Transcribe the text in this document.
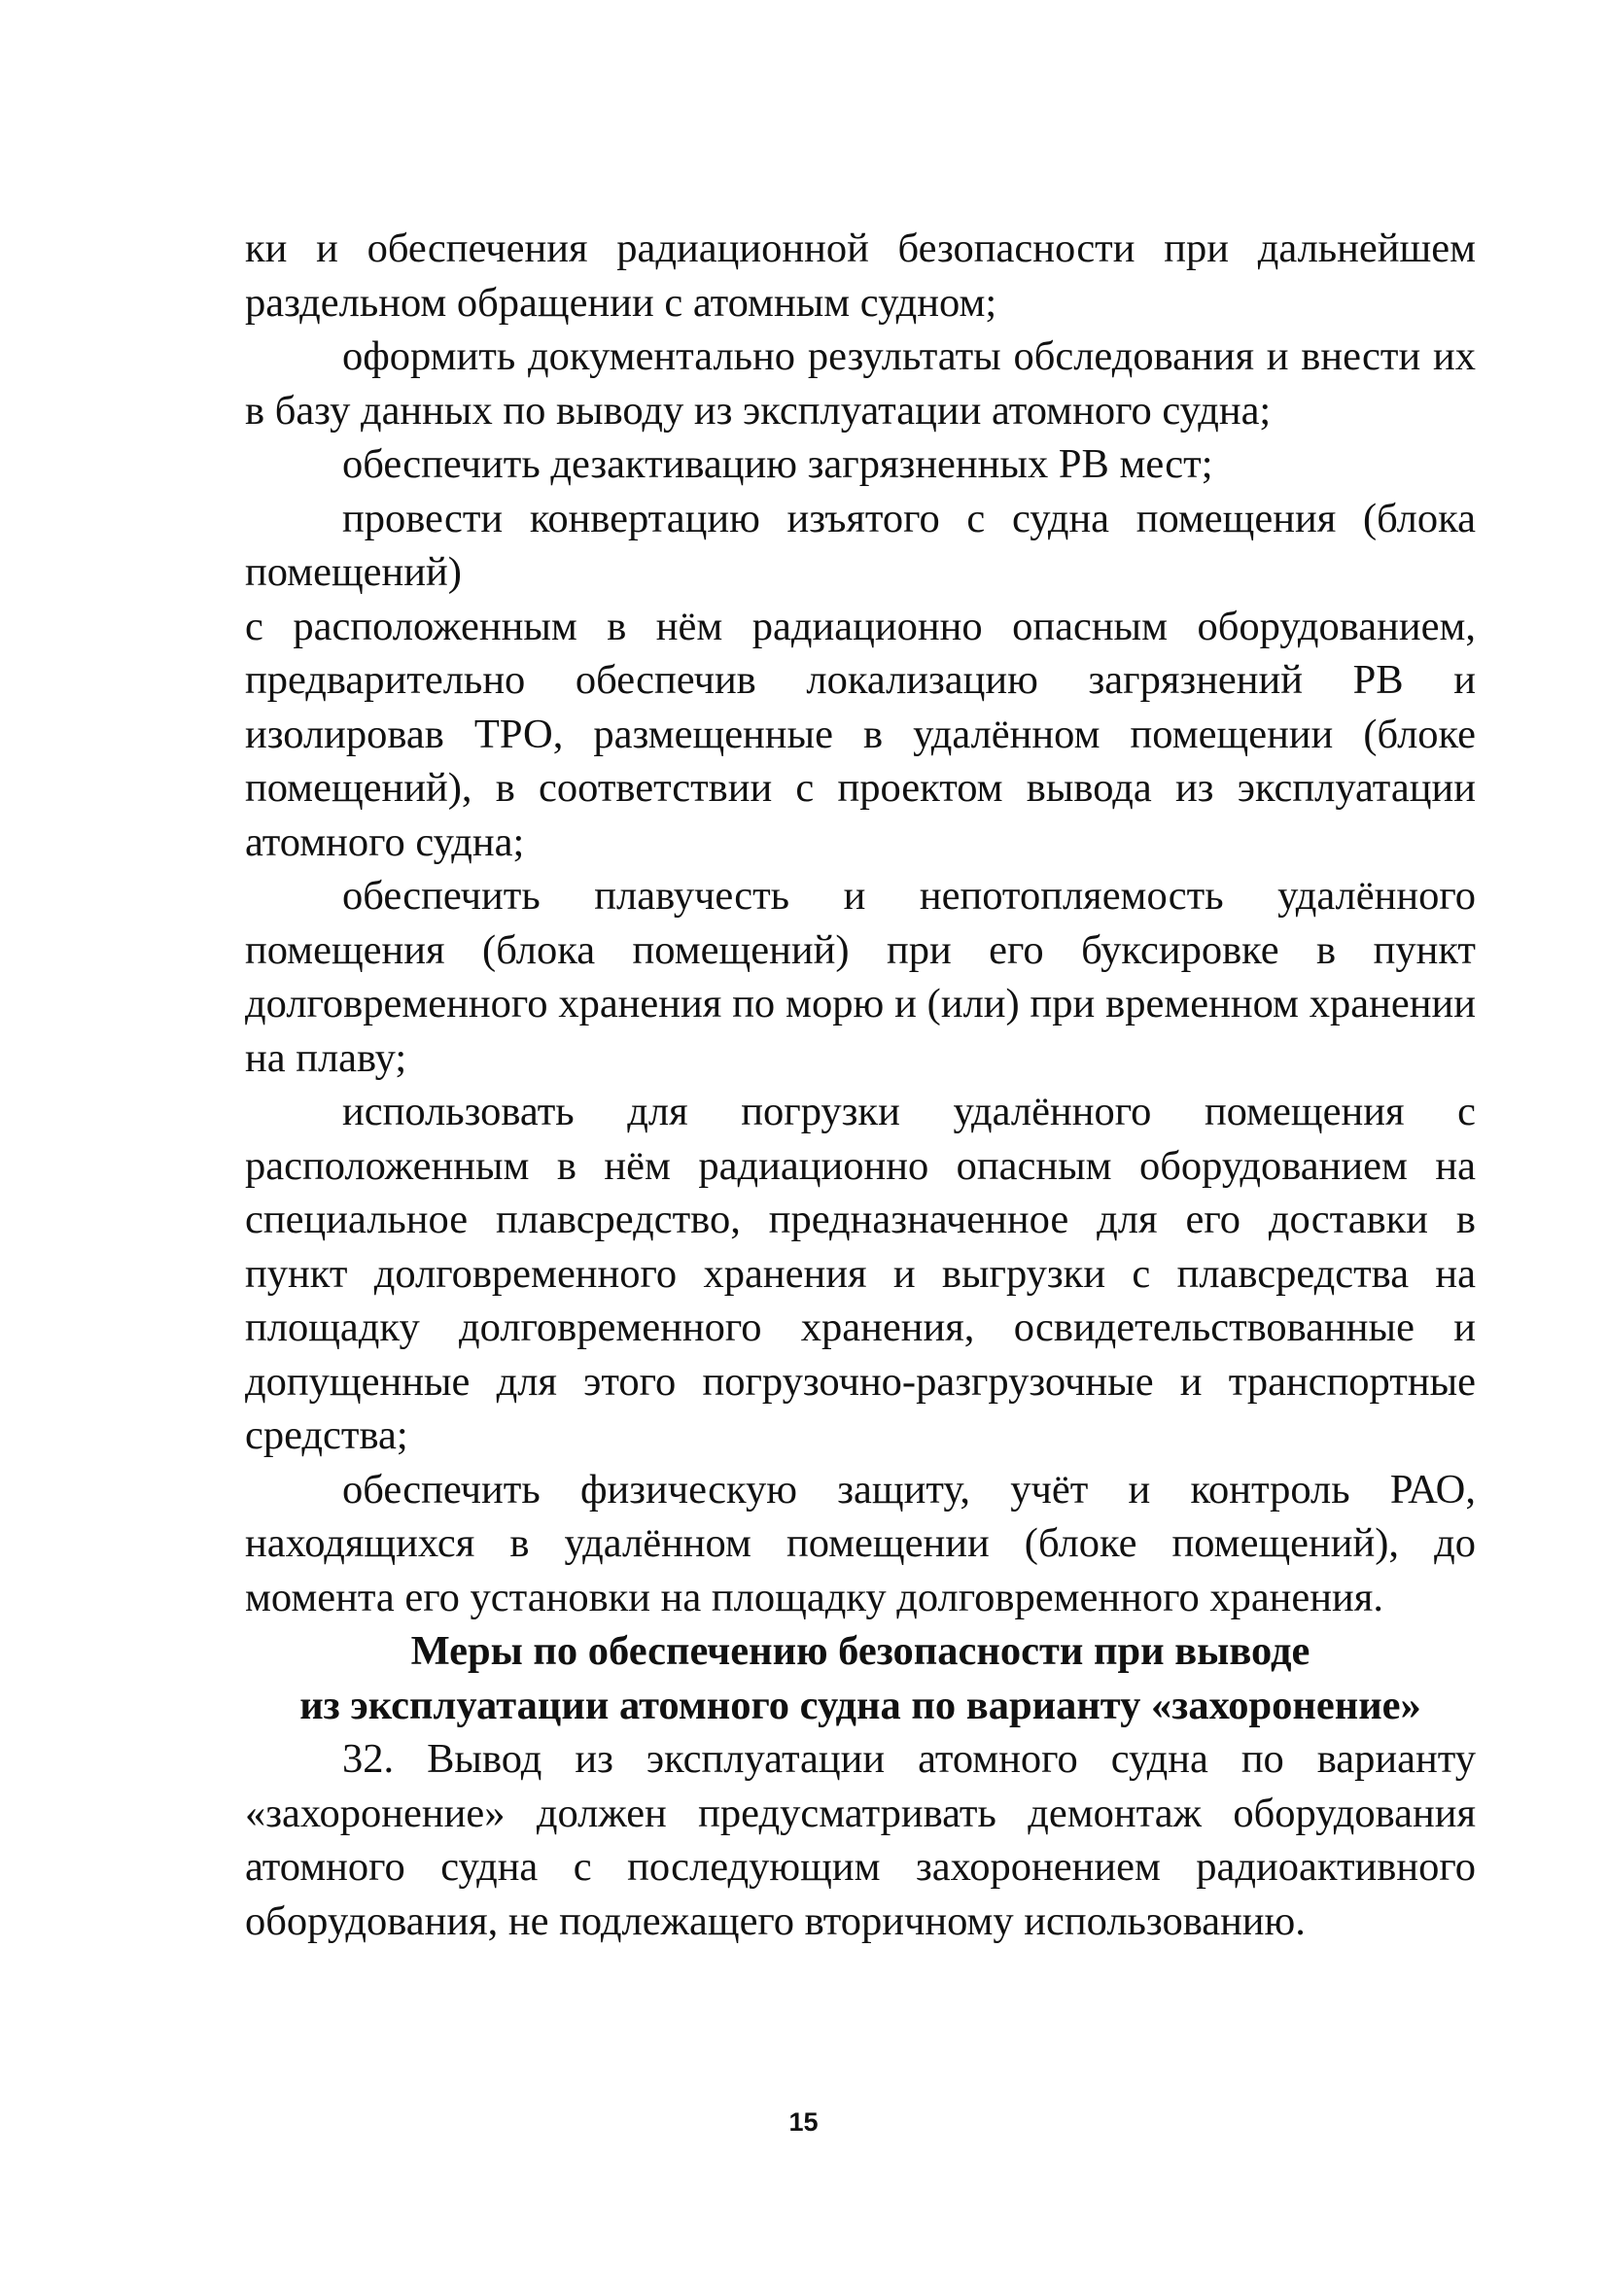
ки и обеспечения радиационной безопасности при дальнейшем раздельном обращении с атомным судном;

оформить документально результаты обследования и внести их в базу данных по выводу из эксплуатации атомного судна;

обеспечить дезактивацию загрязненных РВ мест;

провести конвертацию изъятого с судна помещения (блока помещений)

с расположенным в нём радиационно опасным оборудованием, предварительно обеспечив локализацию загрязнений РВ и изолировав ТРО, размещенные в удалённом помещении (блоке помещений), в соответствии с проектом вывода из эксплуатации атомного судна;

обеспечить плавучесть и непотопляемость удалённого помещения (блока помещений) при его буксировке в пункт долговременного хранения по морю и (или) при временном хранении на плаву;

использовать для погрузки удалённого помещения с расположенным в нём радиационно опасным оборудованием на специальное плавсредство, предназначенное для его доставки в пункт долговременного хранения и выгрузки с плавсредства на площадку долговременного хранения, освидетельствованные и допущенные для этого погрузочно-разгрузочные и транспортные средства;

обеспечить физическую защиту, учёт и контроль РАО, находящихся в удалённом помещении (блоке помещений), до момента его установки на площадку долговременного хранения.

Меры по обеспечению безопасности при выводе

из эксплуатации атомного судна по варианту «захоронение»

32. Вывод из эксплуатации атомного судна по варианту «захоронение» должен предусматривать демонтаж оборудования атомного судна с последующим захоронением радиоактивного оборудования, не подлежащего вторичному использованию.

15
